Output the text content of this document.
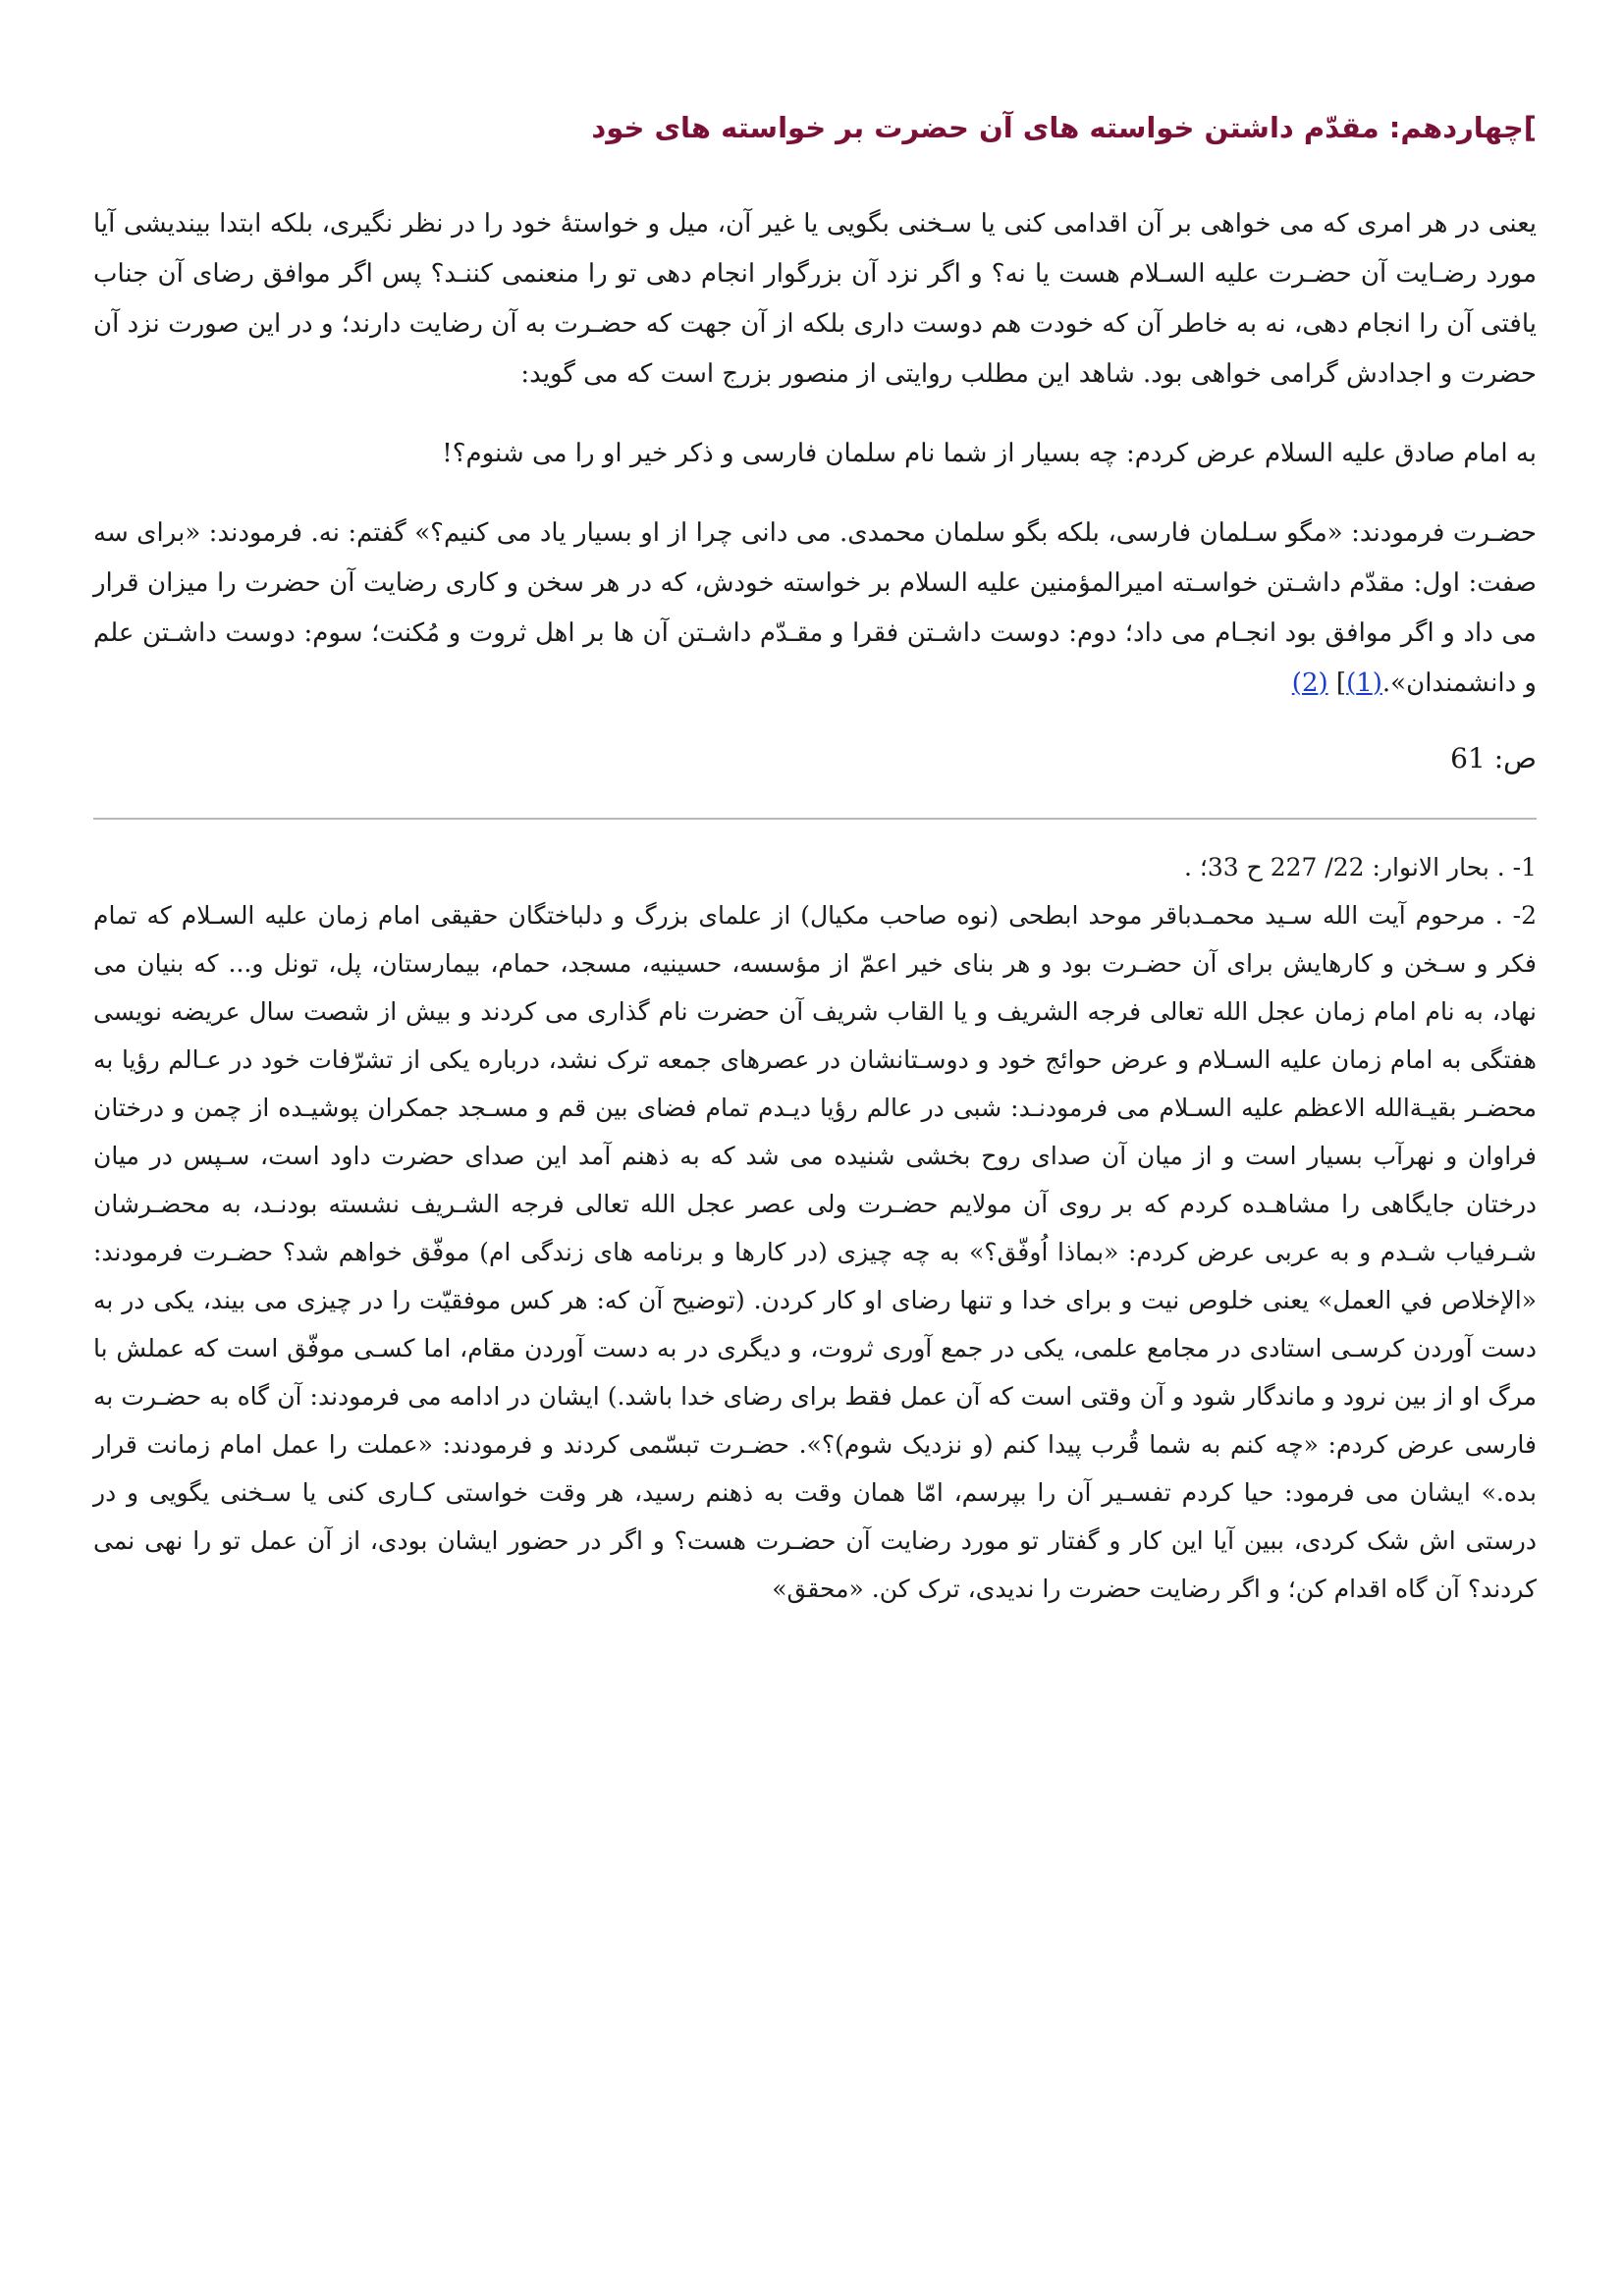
]چهاردهم: مقدّم داشتن خواسته های آن حضرت بر خواسته های خود

یعنی در هر امری که می خواهی بر آن اقدامی کنی یا سـخنی بگویی یا غیر آن، میل و خواستهٔ خود را در نظر نگیری، بلکه ابتدا بیندیشی آیا مورد رضـایت آن حضـرت علیه السـلام هست یا نه؟ و اگر نزد آن بزرگوار انجام دهی تو را منعنمی کننـد؟ پس اگر موافق رضای آن جناب یافتی آن را انجام دهی، نه به خاطر آن که خودت هم دوست داری بلکه از آن جهت که حضـرت به آن رضایت دارند؛ و در این صورت نزد آن حضرت و اجدادش گرامی خواهی بود. شاهد این مطلب روایتی از منصور بزرج است که می گوید:

به امام صادق علیه السلام عرض کردم: چه بسیار از شما نام سلمان فارسی و ذکر خیر او را می شنوم؟!

حضـرت فرمودند: «مگو سـلمان فارسی، بلکه بگو سلمان محمدی. می دانی چرا از او بسیار یاد می کنیم؟» گفتم: نه. فرمودند: «برای سه صفت: اول: مقدّم داشـتن خواسـته امیرالمؤمنین علیه السلام بر خواسته خودش، که در هر سخن و کاری رضایت آن حضرت را میزان قرار می داد و اگر موافق بود انجـام می داد؛ دوم: دوست داشـتن فقرا و مقـدّم داشـتن آن ها بر اهل ثروت و مُکنت؛ سوم: دوست داشـتن علم و دانشمندان».(1)] (2)

ص: 61

1- . بحار الانوار: 22/ 227 ح 33؛ .

2- . مرحوم آیت الله سـید محمـدباقر موحد ابطحی (نوه صاحب مکیال) از علمای بزرگ و دلباختگان حقیقی امام زمان علیه السـلام که تمام فکر و سـخن و کارهایش برای آن حضـرت بود و هر بنای خیر اعمّ از مؤسسه، حسینیه، مسجد، حمام، بیمارستان، پل، تونل و... که بنیان می نهاد، به نام امام زمان عجل الله تعالی فرجه الشریف و یا القاب شریف آن حضرت نام گذاری می کردند و بیش از شصت سال عریضه نویسی هفتگی به امام زمان علیه السـلام و عرض حوائج خود و دوسـتانشان در عصرهای جمعه ترک نشد، درباره یکی از تشرّفات خود در عـالم رؤیا به محضـر بقیـةالله الاعظم علیه السـلام می فرمودنـد: شبی در عالم رؤیا دیـدم تمام فضای بین قم و مسـجد جمکران پوشیـده از چمن و درختان فراوان و نهرآب بسیار است و از میان آن صدای روح بخشی شنیده می شد که به ذهنم آمد این صدای حضرت داود است، سـپس در میان درختان جایگاهی را مشاهـده کردم که بر روی آن مولایم حضـرت ولی عصر عجل الله تعالی فرجه الشـریف نشسته بودنـد، به محضـرشان شـرفیاب شـدم و به عربی عرض کردم: «بماذا اُوفّق؟» به چه چیزی (در کارها و برنامه های زندگی ام) موفّق خواهم شد؟ حضـرت فرمودند: «الإخلاص في العمل» یعنی خلوص نیت و برای خدا و تنها رضای او کار کردن. (توضیح آن که: هر کس موفقیّت را در چیزی می بیند، یکی در به دست آوردن کرسـی استادی در مجامع علمی، یکی در جمع آوری ثروت، و دیگری در به دست آوردن مقام، اما کسـی موفّق است که عملش با مرگ او از بین نرود و ماندگار شود و آن وقتی است که آن عمل فقط برای رضای خدا باشد.) ایشان در ادامه می فرمودند: آن گاه به حضـرت به فارسی عرض کردم: «چه کنم به شما قُرب پیدا کنم (و نزدیک شوم)؟». حضـرت تبسّمی کردند و فرمودند: «عملت را عمل امام زمانت قرار بده.» ایشان می فرمود: حیا کردم تفسـیر آن را بپرسم، امّا همان وقت به ذهنم رسید، هر وقت خواستی کـاری کنی یا سـخنی یگویی و در درستی اش شک کردی، ببین آیا این کار و گفتار تو مورد رضایت آن حضـرت هست؟ و اگر در حضور ایشان بودی، از آن عمل تو را نهی نمی کردند؟ آن گاه اقدام کن؛ و اگر رضایت حضرت را ندیدی، ترک کن. «محقق»
